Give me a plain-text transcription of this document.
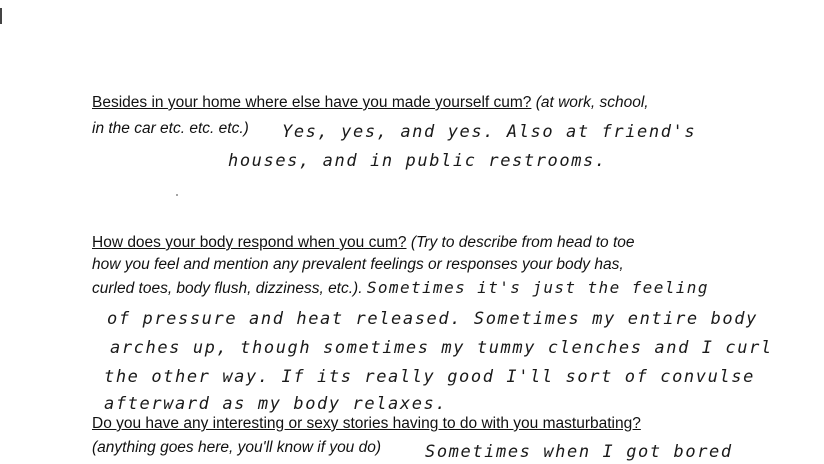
Besides in your home where else have you made yourself cum? (at work, school,
in the car etc. etc. etc.) Yes, yes, and yes. Also at friend's
houses, and in public restrooms.
How does your body respond when you cum? (Try to describe from head to toe
how you feel and mention any prevalent feelings or responses your body has,
curled toes, body flush, dizziness, etc.). Sometimes it's just the feeling
of pressure and heat released. Sometimes my entire body
arches up, though sometimes my tummy clenches and I curl
the other way. If its really good I'll sort of convulse
afterward as my body relaxes.
Do you have any interesting or sexy stories having to do with you masturbating?
(anything goes here, you'll know if you do)	Sometimes when I got bored
